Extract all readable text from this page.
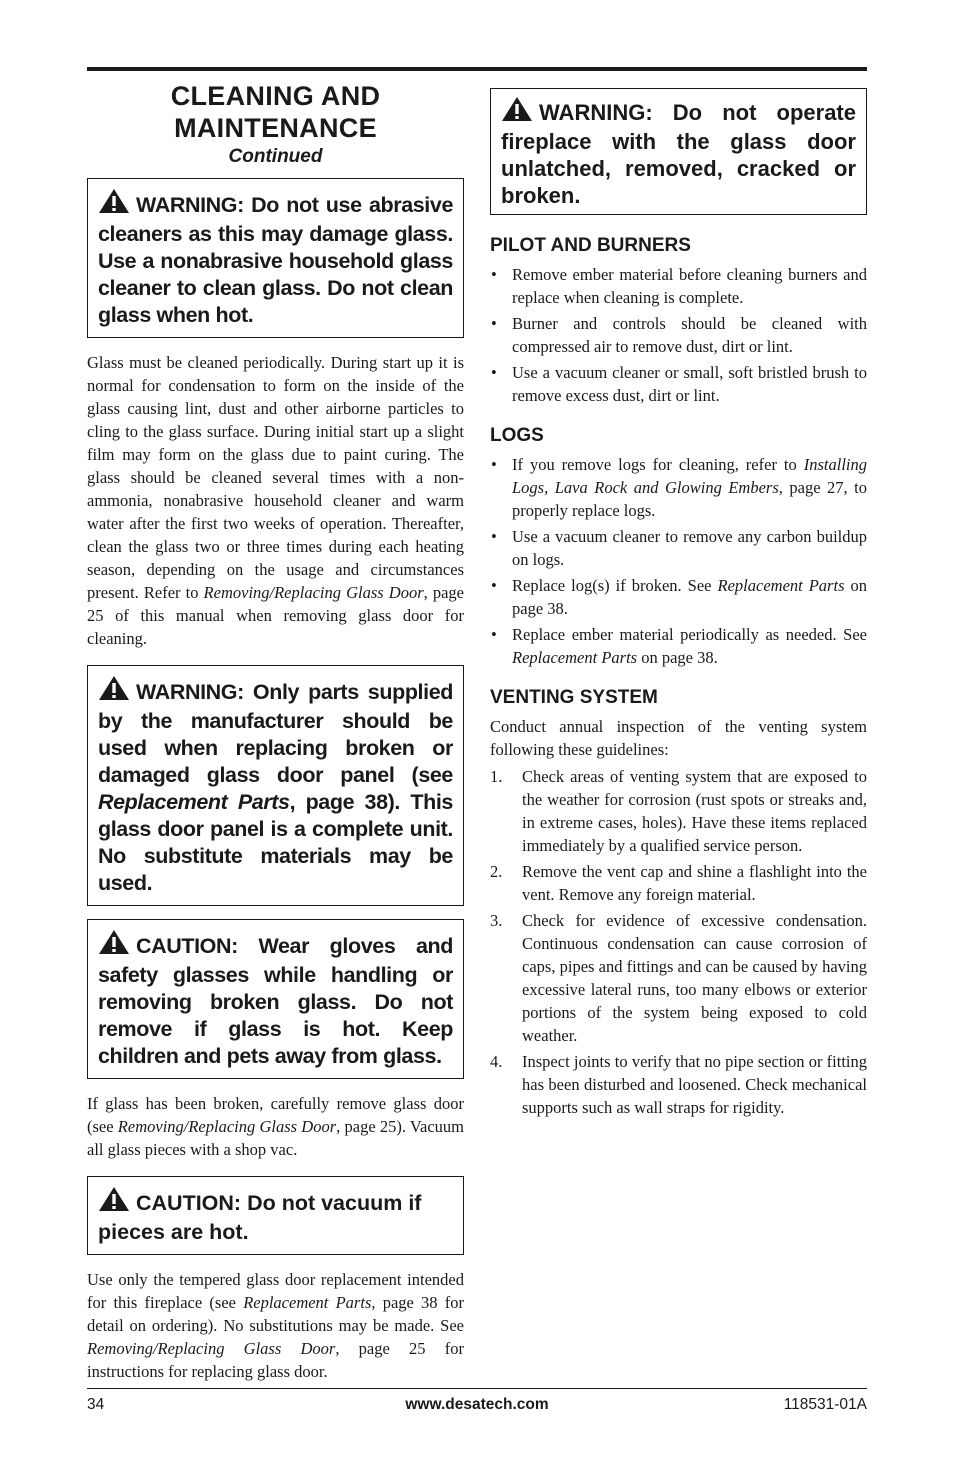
CLEANING AND
MAINTENANCE
Continued
WARNING: Do not use abrasive cleaners as this may damage glass. Use a nonabrasive household glass cleaner to clean glass. Do not clean glass when hot.

Glass must be cleaned periodically. During start up it is normal for condensation to form on the inside of the glass causing lint, dust and other airborne particles to cling to the glass surface. During initial start up a slight film may form on the glass due to paint curing. The glass should be cleaned several times with a non-ammonia, nonabrasive household cleaner and warm water after the first two weeks of operation. Thereafter, clean the glass two or three times during each heating season, depending on the usage and circumstances present. Refer to Removing/Replacing Glass Door, page 25 of this manual when removing glass door for cleaning.

WARNING: Only parts supplied by the manufacturer should be used when replacing broken or damaged glass door panel (see Replacement Parts, page 38). This glass door panel is a complete unit. No substitute materials may be used.
CAUTION: Wear gloves and safety glasses while handling or removing broken glass. Do not remove if glass is hot. Keep children and pets away from glass.

If glass has been broken, carefully remove glass door (see Removing/Replacing Glass Door, page 25). Vacuum all glass pieces with a shop vac.

CAUTION: Do not vacuum if pieces are hot.

Use only the tempered glass door replacement intended for this fireplace (see Replacement Parts, page 38 for detail on ordering). No substitutions may be made. See Removing/Replacing Glass Door, page 25 for instructions for replacing glass door.

WARNING: Do not operate fireplace with the glass door unlatched, removed, cracked or broken.
PILOT AND BURNERS
• Remove ember material before cleaning burners and replace when cleaning is complete.
• Burner and controls should be cleaned with compressed air to remove dust, dirt or lint.
• Use a vacuum cleaner or small, soft bristled brush to remove excess dust, dirt or lint.
LOGS
• If you remove logs for cleaning, refer to Installing Logs, Lava Rock and Glowing Embers, page 27, to properly replace logs.
• Use a vacuum cleaner to remove any carbon buildup on logs.
• Replace log(s) if broken. See Replacement Parts on page 38.
• Replace ember material periodically as needed. See Replacement Parts on page 38.
VENTING SYSTEM

Conduct annual inspection of the venting system following these guidelines:

1. Check areas of venting system that are exposed to the weather for corrosion (rust spots or streaks and, in extreme cases, holes). Have these items replaced immediately by a qualified service person.
2. Remove the vent cap and shine a flashlight into the vent. Remove any foreign material.
3. Check for evidence of excessive condensation. Continuous condensation can cause corrosion of caps, pipes and fittings and can be caused by having excessive lateral runs, too many elbows or exterior portions of the system being exposed to cold weather.
4. Inspect joints to verify that no pipe section or fitting has been disturbed and loosened. Check mechanical supports such as wall straps for rigidity.
34	www.desatech.com	118531-01A
